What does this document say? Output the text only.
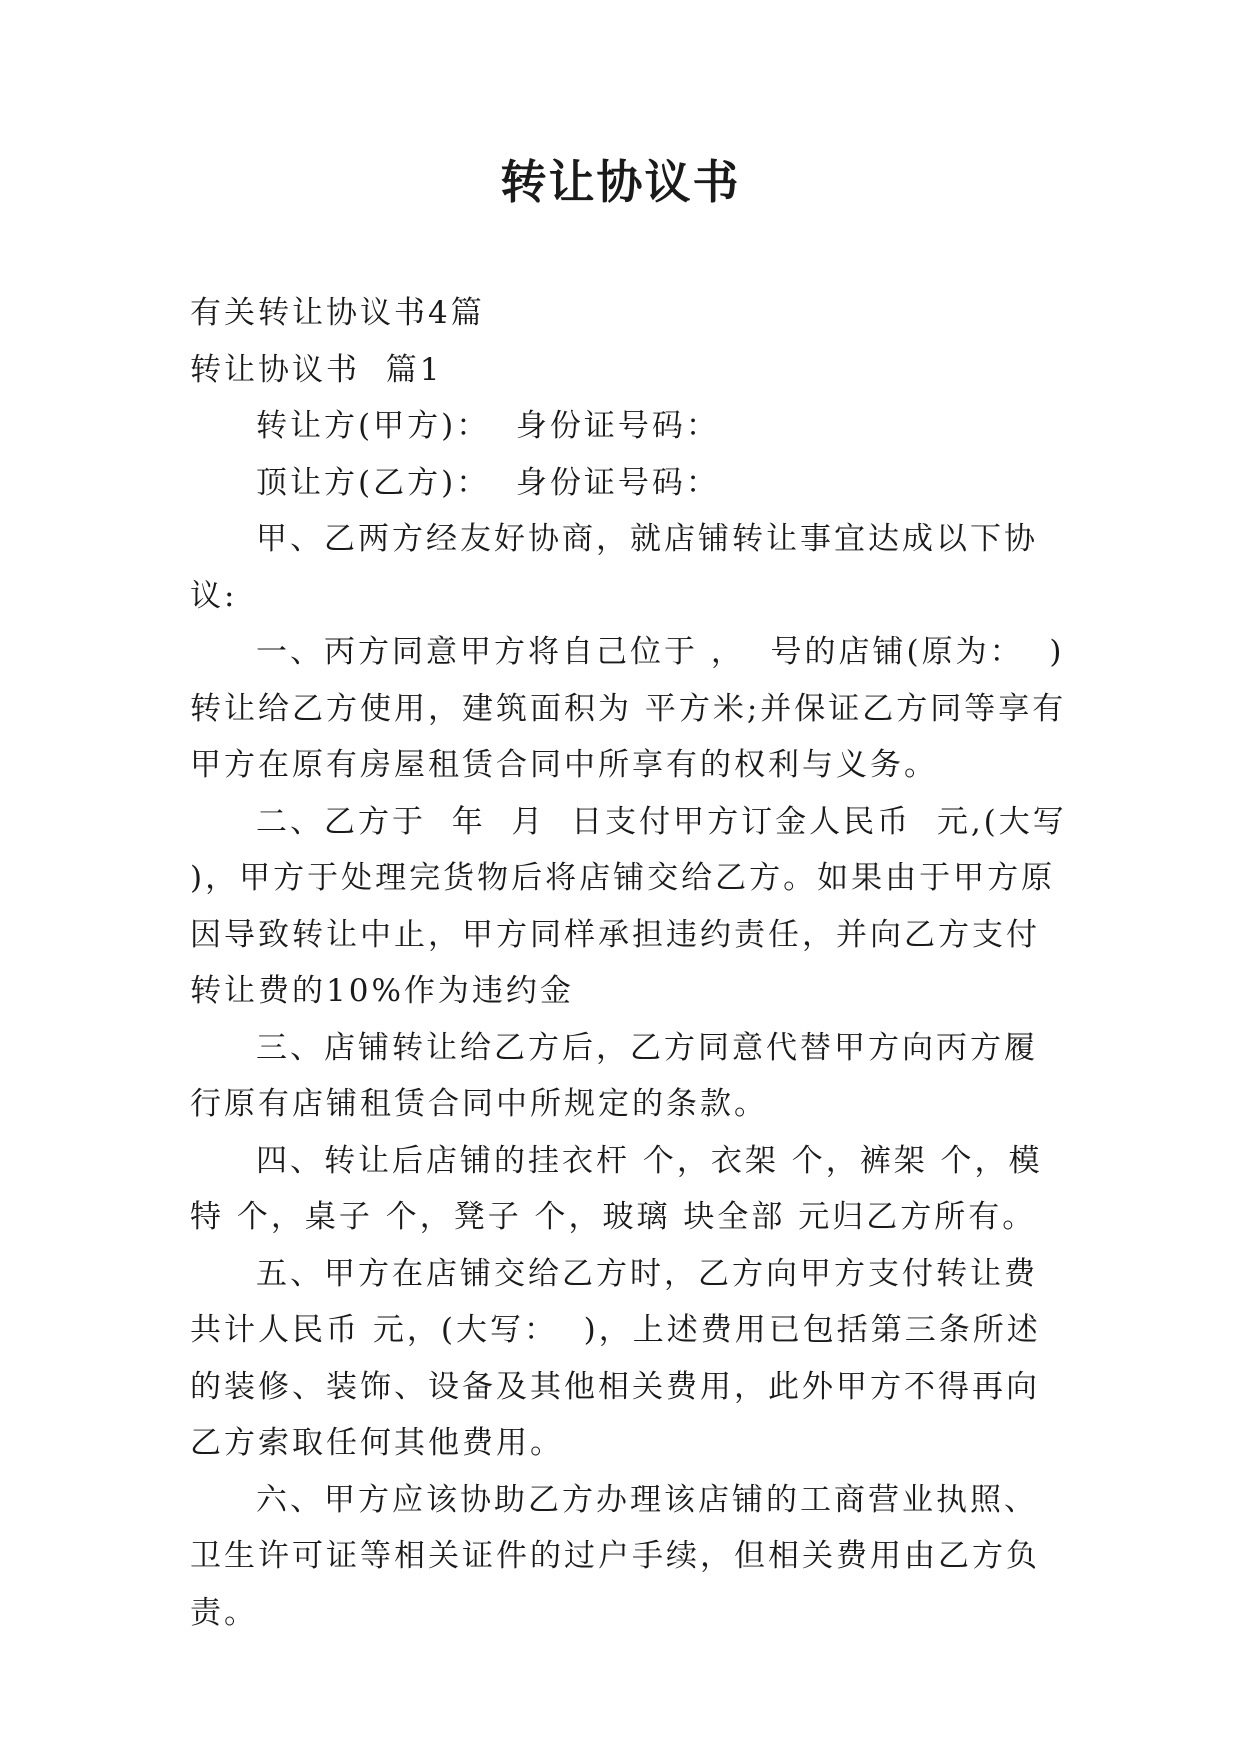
转让协议书

有关转让协议书4篇

转让协议书  篇1

转让方(甲方)：  身份证号码：

顶让方(乙方)：  身份证号码：

甲、乙两方经友好协商，就店铺转让事宜达成以下协议:

一、丙方同意甲方将自己位于 ，  号的店铺(原为：  )转让给乙方使用，建筑面积为 平方米;并保证乙方同等享有甲方在原有房屋租赁合同中所享有的权利与义务。

二、乙方于  年  月  日支付甲方订金人民币  元,(大写 )，甲方于处理完货物后将店铺交给乙方。如果由于甲方原因导致转让中止，甲方同样承担违约责任，并向乙方支付转让费的10%作为违约金

三、店铺转让给乙方后，乙方同意代替甲方向丙方履行原有店铺租赁合同中所规定的条款。

四、转让后店铺的挂衣杆 个，衣架 个，裤架 个，模特 个，桌子 个，凳子 个，玻璃 块全部 元归乙方所有。

五、甲方在店铺交给乙方时，乙方向甲方支付转让费共计人民币 元，(大写：  )，上述费用已包括第三条所述的装修、装饰、设备及其他相关费用，此外甲方不得再向乙方索取任何其他费用。

六、甲方应该协助乙方办理该店铺的工商营业执照、卫生许可证等相关证件的过户手续，但相关费用由乙方负责。
